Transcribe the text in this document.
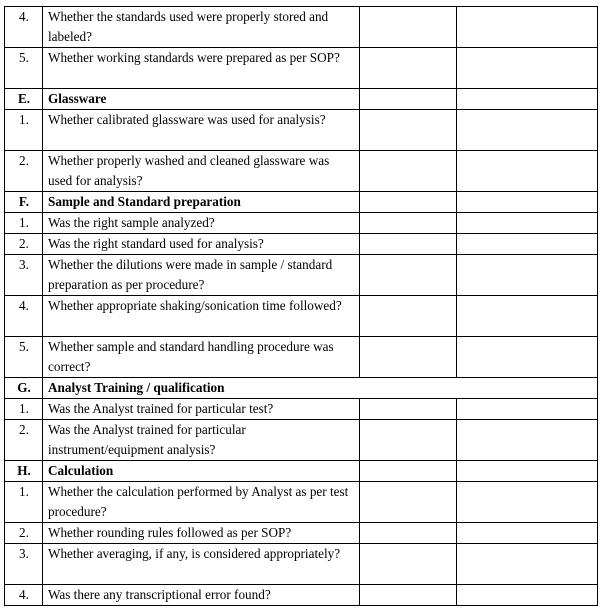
4.	Whether the standards used were properly stored and labeled?		
5.	Whether working standards were prepared as per SOP?		
E.	Glassware		
1.	Whether calibrated glassware was used for analysis?		
2.	Whether properly washed and cleaned glassware was used for analysis?		
F.	Sample and Standard preparation		
1.	Was the right sample analyzed?		
2.	Was the right standard used for analysis?		
3.	Whether the dilutions were made in sample / standard preparation as per procedure?		
4.	Whether appropriate shaking/sonication time followed?		
5.	Whether sample and standard handling procedure was correct?		
G.	Analyst Training / qualification		
1.	Was the Analyst trained for particular test?		
2.	Was the Analyst trained for particular instrument/equipment analysis?		
H.	Calculation		
1.	Whether the calculation performed by Analyst as per test procedure?		
2.	Whether rounding rules followed as per SOP?		
3.	Whether averaging, if any, is considered appropriately?		
4.	Was there any transcriptional error found?		
